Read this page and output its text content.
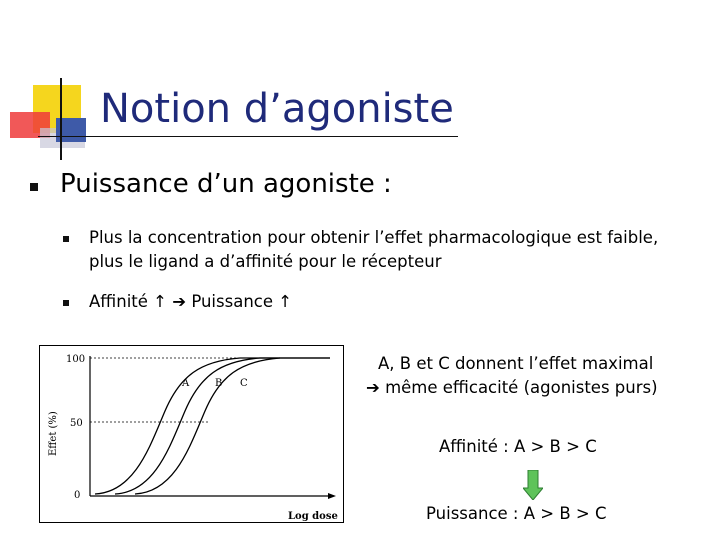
Notion d’agoniste
Puissance d’un agoniste :
Plus la concentration pour obtenir l’effet pharmacologique est faible,
plus le ligand a d’affinité pour le récepteur
Affinité ↑ ➔ Puissance ↑
100
50
0
Effet (%)
Log dose
A	B C
A, B et C donnent l’effet maximal
➔ même efficacité (agonistes purs)
Affinité : A > B > C
Puissance : A > B > C
